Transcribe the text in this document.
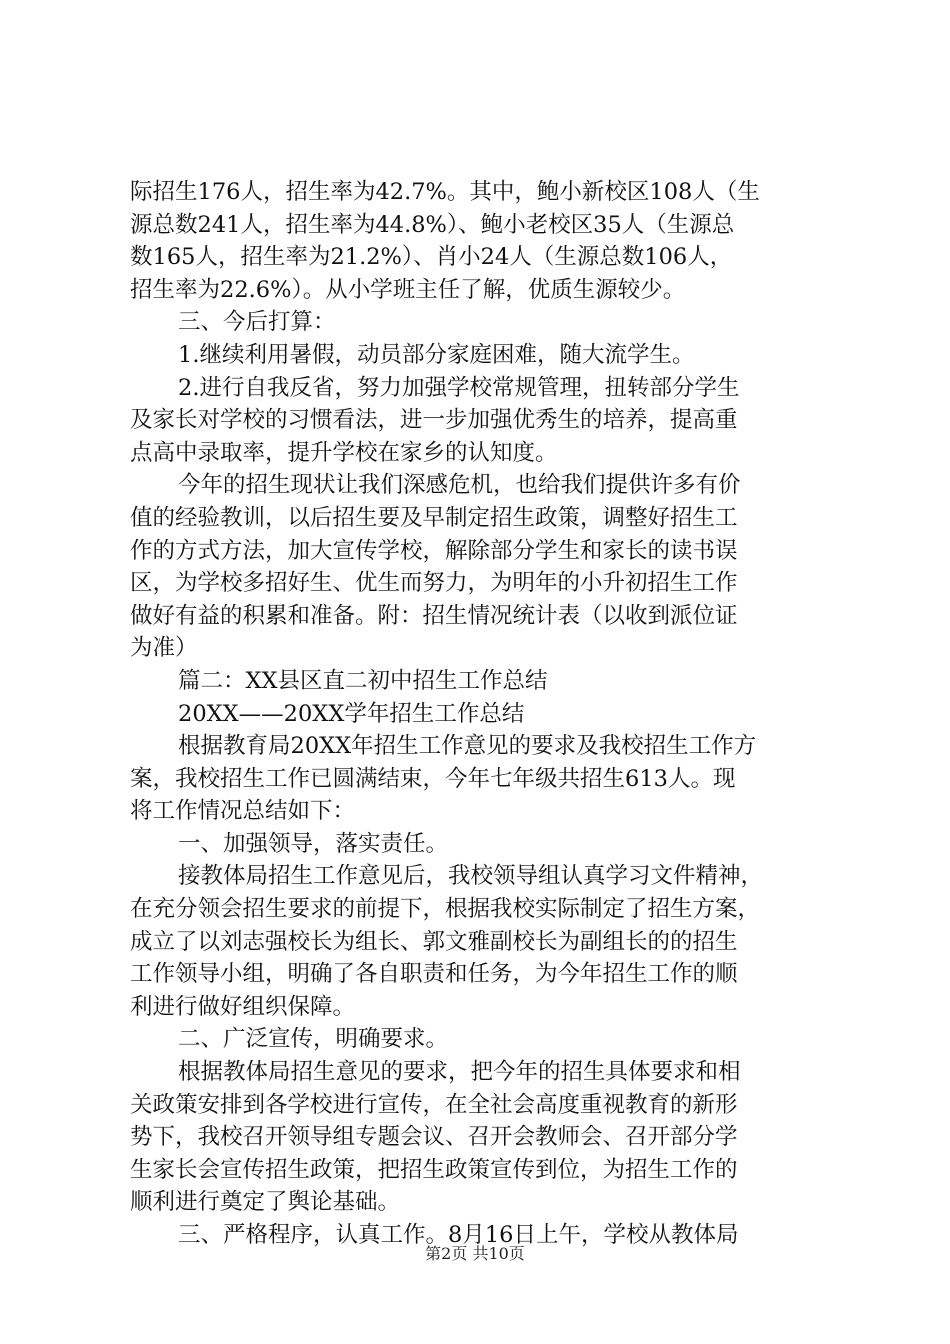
际招生176人，招生率为42.7%。其中，鲍小新校区108人（生
源总数241人，招生率为44.8%）、鲍小老校区35人（生源总
数165人，招生率为21.2%）、肖小24人（生源总数106人，
招生率为22.6%）。从小学班主任了解，优质生源较少。
三、今后打算：
1.继续利用暑假，动员部分家庭困难，随大流学生。
2.进行自我反省，努力加强学校常规管理，扭转部分学生
及家长对学校的习惯看法，进一步加强优秀生的培养，提高重
点高中录取率，提升学校在家乡的认知度。
今年的招生现状让我们深感危机，也给我们提供许多有价
值的经验教训，以后招生要及早制定招生政策，调整好招生工
作的方式方法，加大宣传学校，解除部分学生和家长的读书误
区，为学校多招好生、优生而努力，为明年的小升初招生工作
做好有益的积累和准备。附：招生情况统计表（以收到派位证
为准）
篇二：XX县区直二初中招生工作总结
20XX——20XX学年招生工作总结
根据教育局20XX年招生工作意见的要求及我校招生工作方
案，我校招生工作已圆满结束，今年七年级共招生613人。现
将工作情况总结如下：
一、加强领导，落实责任。
接教体局招生工作意见后，我校领导组认真学习文件精神，
在充分领会招生要求的前提下，根据我校实际制定了招生方案，
成立了以刘志强校长为组长、郭文雅副校长为副组长的的招生
工作领导小组，明确了各自职责和任务，为今年招生工作的顺
利进行做好组织保障。
二、广泛宣传，明确要求。
根据教体局招生意见的要求，把今年的招生具体要求和相
关政策安排到各学校进行宣传，在全社会高度重视教育的新形
势下，我校召开领导组专题会议、召开会教师会、召开部分学
生家长会宣传招生政策，把招生政策宣传到位，为招生工作的
顺利进行奠定了舆论基础。
三、严格程序，认真工作。8月16日上午，学校从教体局
第2页 共10页
